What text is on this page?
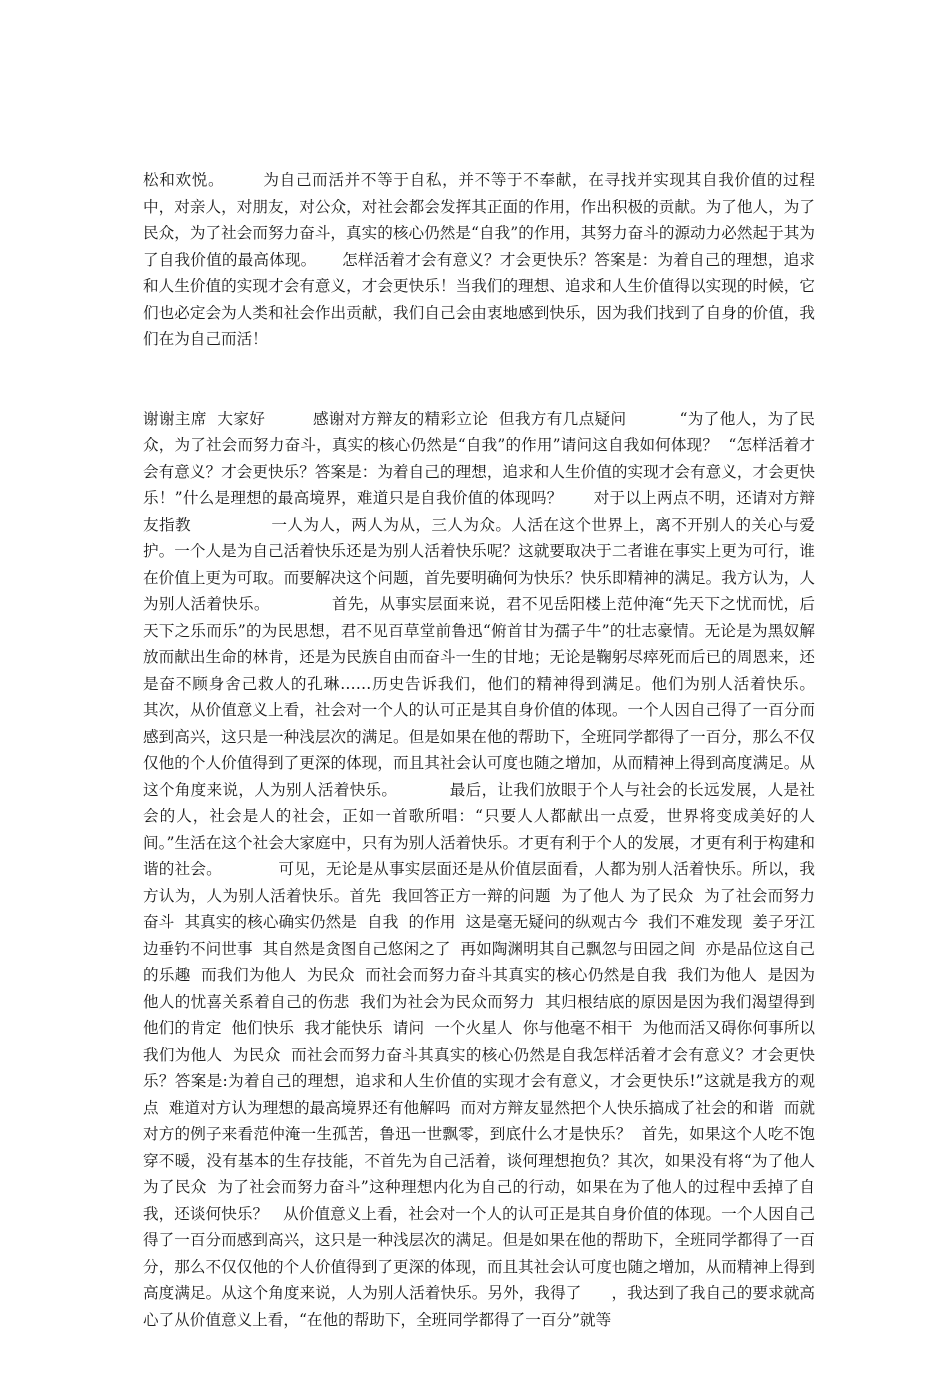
松和欢悦。       为自己而活并不等于自私，并不等于不奉献，在寻找并实现其自我价值的过程中，对亲人，对朋友，对公众，对社会都会发挥其正面的作用，作出积极的贡献。为了他人，为了民众，为了社会而努力奋斗，真实的核心仍然是“自我”的作用，其努力奋斗的源动力必然起于其为了自我价值的最高体现。     怎样活着才会有意义？才会更快乐？答案是：为着自己的理想，追求和人生价值的实现才会有意义，才会更快乐！当我们的理想、追求和人生价值得以实现的时候，它们也必定会为人类和社会作出贡献，我们自己会由衷地感到快乐，因为我们找到了自身的价值，我们在为自己而活！

谢谢主席  大家好         感谢对方辩友的精彩立论  但我方有几点疑问          “为了他人，为了民众，为了社会而努力奋斗，真实的核心仍然是“自我”的作用”请问这自我如何体现？  “怎样活着才会有意义？才会更快乐？答案是：为着自己的理想，追求和人生价值的实现才会有意义，才会更快乐！”什么是理想的最高境界，难道只是自我价值的体现吗？      对于以上两点不明，还请对方辩友指教               一人为人，两人为从，三人为众。人活在这个世界上，离不开别人的关心与爱护。一个人是为自己活着快乐还是为别人活着快乐呢？这就要取决于二者谁在事实上更为可行，谁在价值上更为可取。而要解决这个问题，首先要明确何为快乐？快乐即精神的满足。我方认为，人为别人活着快乐。            首先，从事实层面来说，君不见岳阳楼上范仲淹“先天下之忧而忧，后天下之乐而乐”的为民思想，君不见百草堂前鲁迅“俯首甘为孺子牛”的壮志豪情。无论是为黑奴解放而献出生命的林肯，还是为民族自由而奋斗一生的甘地；无论是鞠躬尽瘁死而后已的周恩来，还是奋不顾身舍己救人的孔琳……历史告诉我们，他们的精神得到满足。他们为别人活着快乐。             其次，从价值意义上看，社会对一个人的认可正是其自身价值的体现。一个人因自己得了一百分而感到高兴，这只是一种浅层次的满足。但是如果在他的帮助下，全班同学都得了一百分，那么不仅仅他的个人价值得到了更深的体现，而且其社会认可度也随之增加，从而精神上得到高度满足。从这个角度来说，人为别人活着快乐。          最后，让我们放眼于个人与社会的长远发展，人是社会的人，社会是人的社会，正如一首歌所唱：“只要人人都献出一点爱，世界将变成美好的人间。”生活在这个社会大家庭中，只有为别人活着快乐。才更有利于个人的发展，才更有利于构建和谐的社会。           可见，无论是从事实层面还是从价值层面看，人都为别人活着快乐。所以，我方认为，人为别人活着快乐。首先  我回答正方一辩的问题  为了他人 为了民众  为了社会而努力奋斗  其真实的核心确实仍然是  自我  的作用  这是毫无疑问的纵观古今  我们不难发现  姜子牙江边垂钓不问世事  其自然是贪图自己悠闲之了  再如陶渊明其自己飘忽与田园之间  亦是品位这自己的乐趣  而我们为他人  为民众  而社会而努力奋斗其真实的核心仍然是自我  我们为他人  是因为他人的忧喜关系着自己的伤悲  我们为社会为民众而努力  其归根结底的原因是因为我们渴望得到他们的肯定  他们快乐  我才能快乐  请问  一个火星人  你与他毫不相干  为他而活又碍你何事所以  我们为他人  为民众  而社会而努力奋斗其真实的核心仍然是自我怎样活着才会有意义？才会更快乐？答案是:为着自己的理想，追求和人生价值的实现才会有意义，才会更快乐!”这就是我方的观点  难道对方认为理想的最高境界还有他解吗  而对方辩友显然把个人快乐搞成了社会的和谐  而就对方的例子来看范仲淹一生孤苦，鲁迅一世飘零，到底什么才是快乐？  首先，如果这个人吃不饱穿不暖，没有基本的生存技能，不首先为自己活着，谈何理想抱负？其次，如果没有将“为了他人  为了民众  为了社会而努力奋斗”这种理想内化为自己的行动，如果在为了他人的过程中丢掉了自我，还谈何快乐？   从价值意义上看，社会对一个人的认可正是其自身价值的体现。一个人因自己得了一百分而感到高兴，这只是一种浅层次的满足。但是如果在他的帮助下，全班同学都得了一百分，那么不仅仅他的个人价值得到了更深的体现，而且其社会认可度也随之增加，从而精神上得到高度满足。从这个角度来说，人为别人活着快乐。另外，我得了      ，我达到了我自己的要求就高心了从价值意义上看，“在他的帮助下，全班同学都得了一百分”就等
